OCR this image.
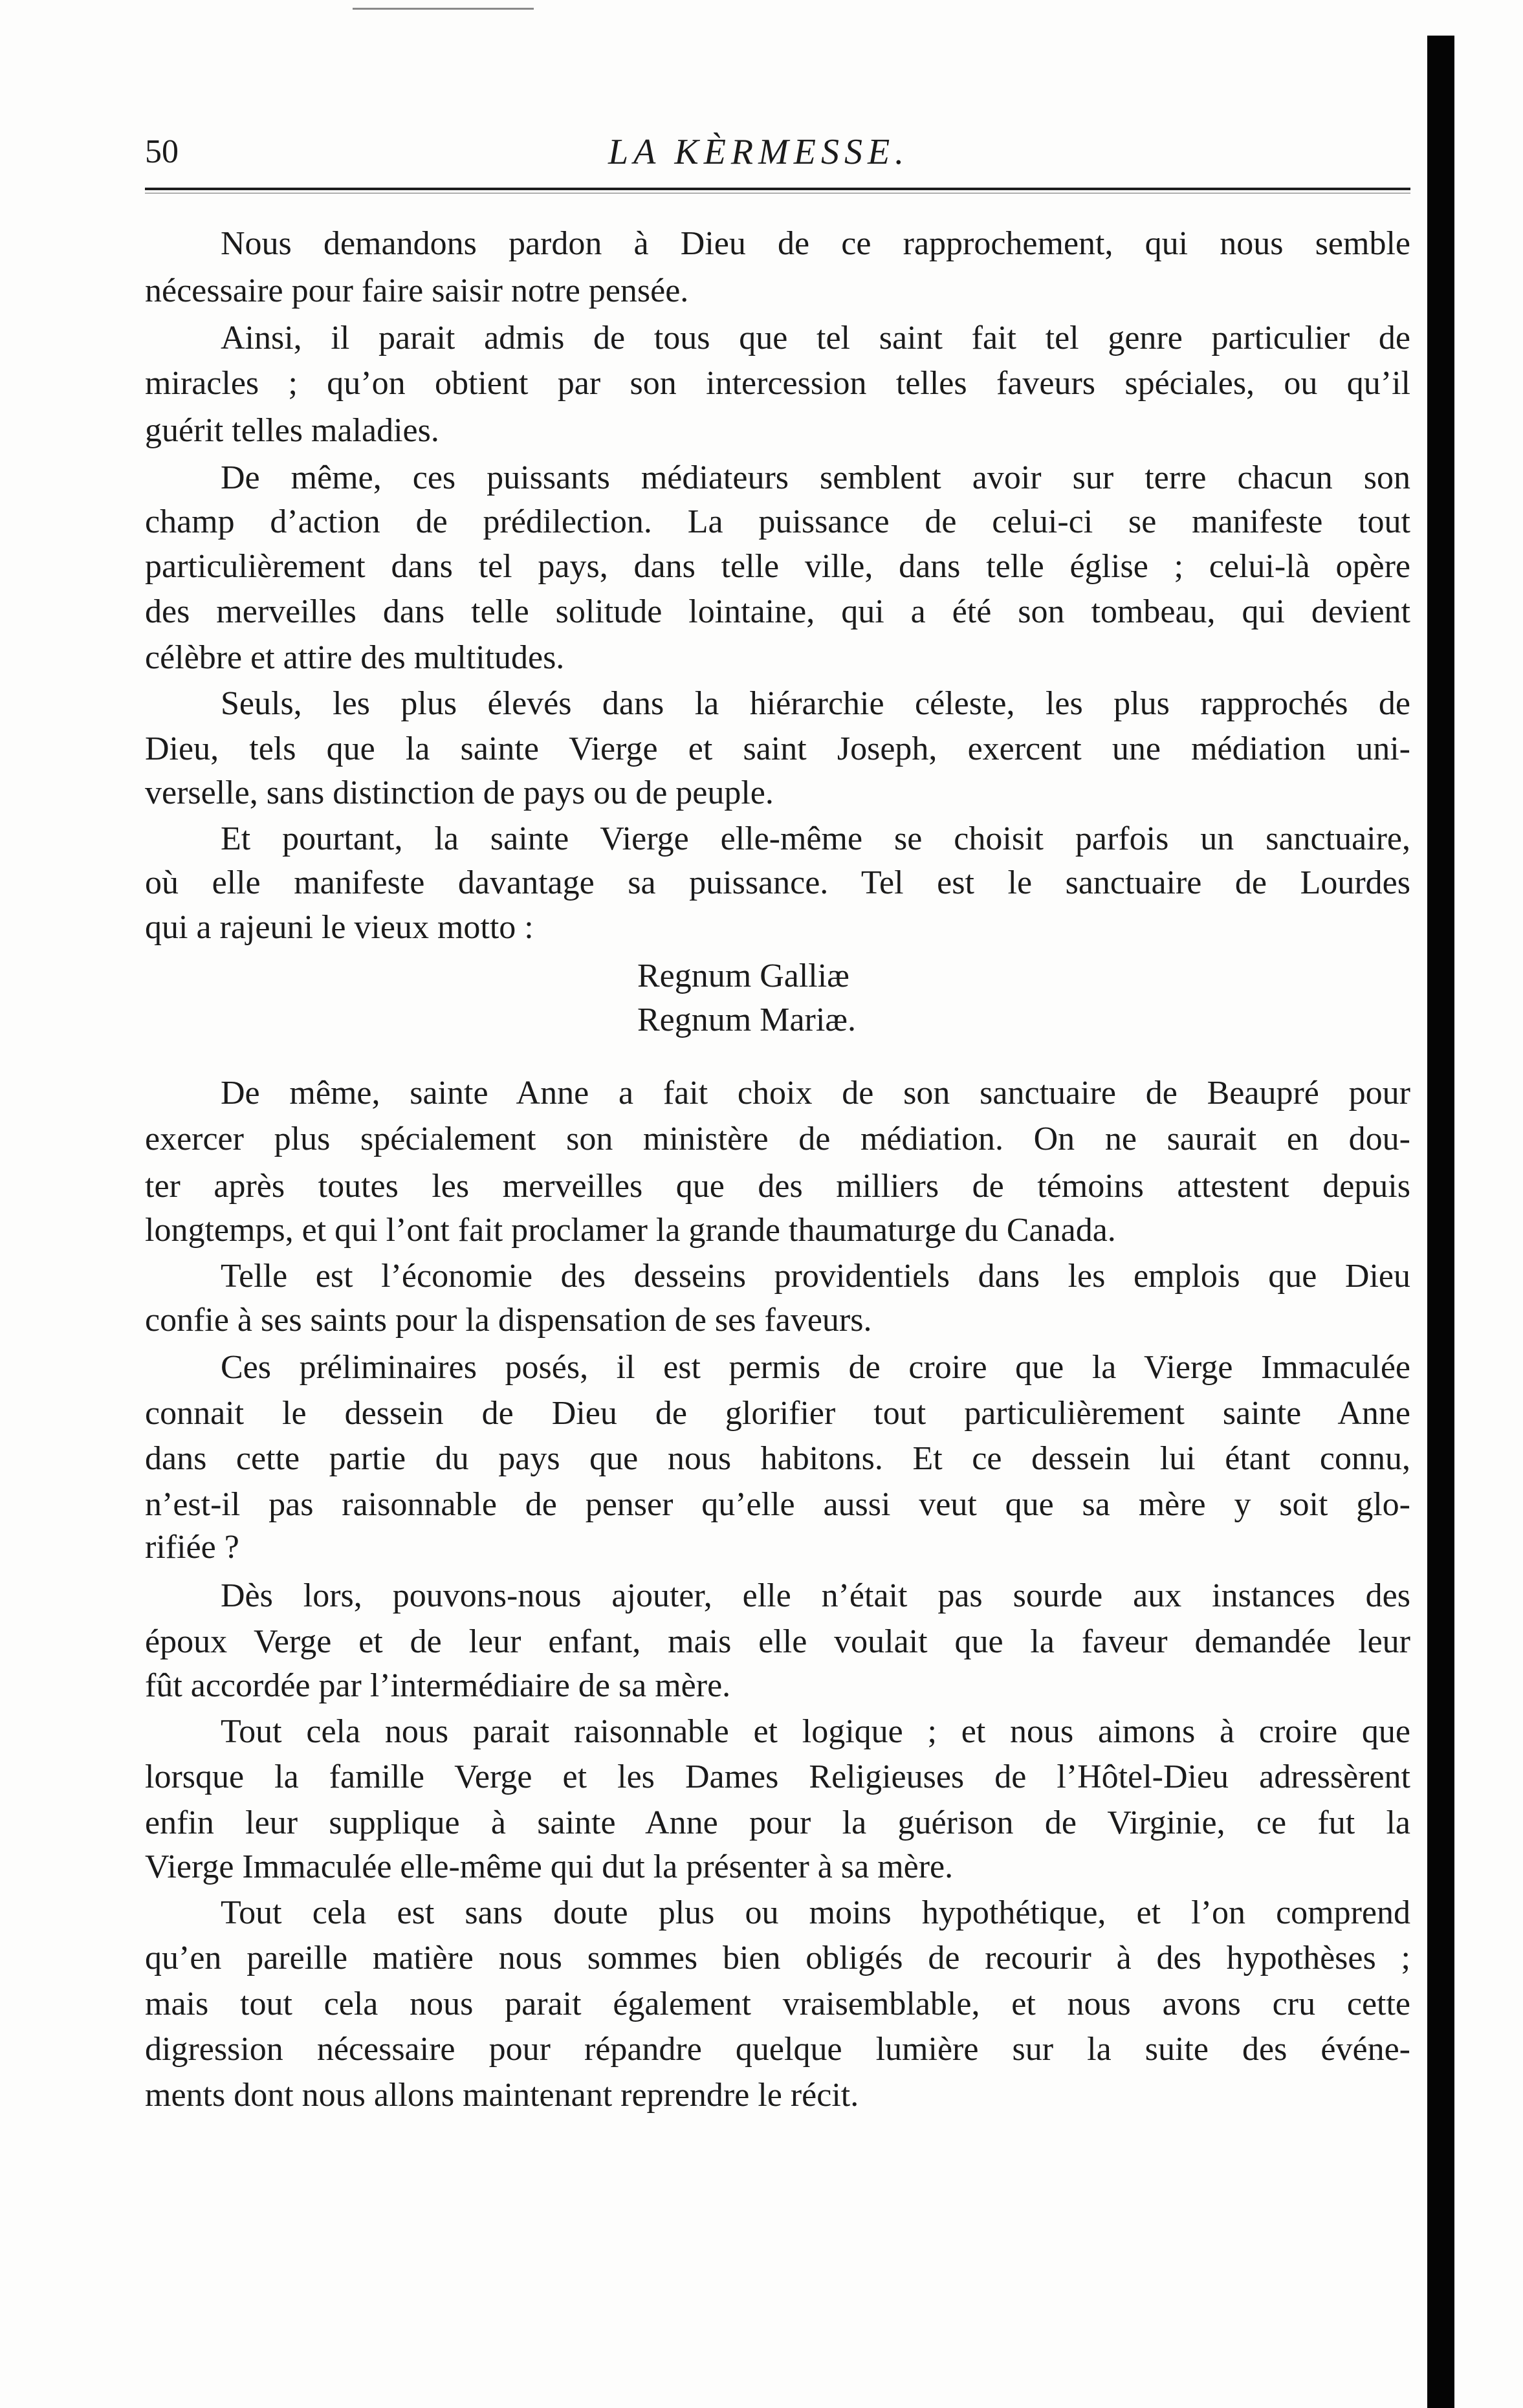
50	LA KÈRMESSE.
Nous demandons pardon à Dieu de ce rapprochement, qui nous semble
nécessaire pour faire saisir notre pensée.
Ainsi, il parait admis de tous que tel saint fait tel genre particulier de
miracles ; qu’on obtient par son intercession telles faveurs spéciales, ou qu’il
guérit telles maladies.
De même, ces puissants médiateurs semblent avoir sur terre chacun son
champ d’action de prédilection. La puissance de celui-ci se manifeste tout
particulièrement dans tel pays, dans telle ville, dans telle église ; celui-là opère
des merveilles dans telle solitude lointaine, qui a été son tombeau, qui devient
célèbre et attire des multitudes.
Seuls, les plus élevés dans la hiérarchie céleste, les plus rapprochés de
Dieu, tels que la sainte Vierge et saint Joseph, exercent une médiation uni-
verselle, sans distinction de pays ou de peuple.
Et pourtant, la sainte Vierge elle-même se choisit parfois un sanctuaire,
où elle manifeste davantage sa puissance. Tel est le sanctuaire de Lourdes
qui a rajeuni le vieux motto :
Regnum Galliæ
Regnum Mariæ.
De même, sainte Anne a fait choix de son sanctuaire de Beaupré pour
exercer plus spécialement son ministère de médiation. On ne saurait en dou-
ter après toutes les merveilles que des milliers de témoins attestent depuis
longtemps, et qui l’ont fait proclamer la grande thaumaturge du Canada.
Telle est l’économie des desseins providentiels dans les emplois que Dieu
confie à ses saints pour la dispensation de ses faveurs.
Ces préliminaires posés, il est permis de croire que la Vierge Immaculée
connait le dessein de Dieu de glorifier tout particulièrement sainte Anne
dans cette partie du pays que nous habitons. Et ce dessein lui étant connu,
n’est-il pas raisonnable de penser qu’elle aussi veut que sa mère y soit glo-
rifiée ?
Dès lors, pouvons-nous ajouter, elle n’était pas sourde aux instances des
époux Verge et de leur enfant, mais elle voulait que la faveur demandée leur
fût accordée par l’intermédiaire de sa mère.
Tout cela nous parait raisonnable et logique ; et nous aimons à croire que
lorsque la famille Verge et les Dames Religieuses de l’Hôtel-Dieu adressèrent
enfin leur supplique à sainte Anne pour la guérison de Virginie, ce fut la
Vierge Immaculée elle-même qui dut la présenter à sa mère.
Tout cela est sans doute plus ou moins hypothétique, et l’on comprend
qu’en pareille matière nous sommes bien obligés de recourir à des hypothèses ;
mais tout cela nous parait également vraisemblable, et nous avons cru cette
digression nécessaire pour répandre quelque lumière sur la suite des événe-
ments dont nous allons maintenant reprendre le récit.
